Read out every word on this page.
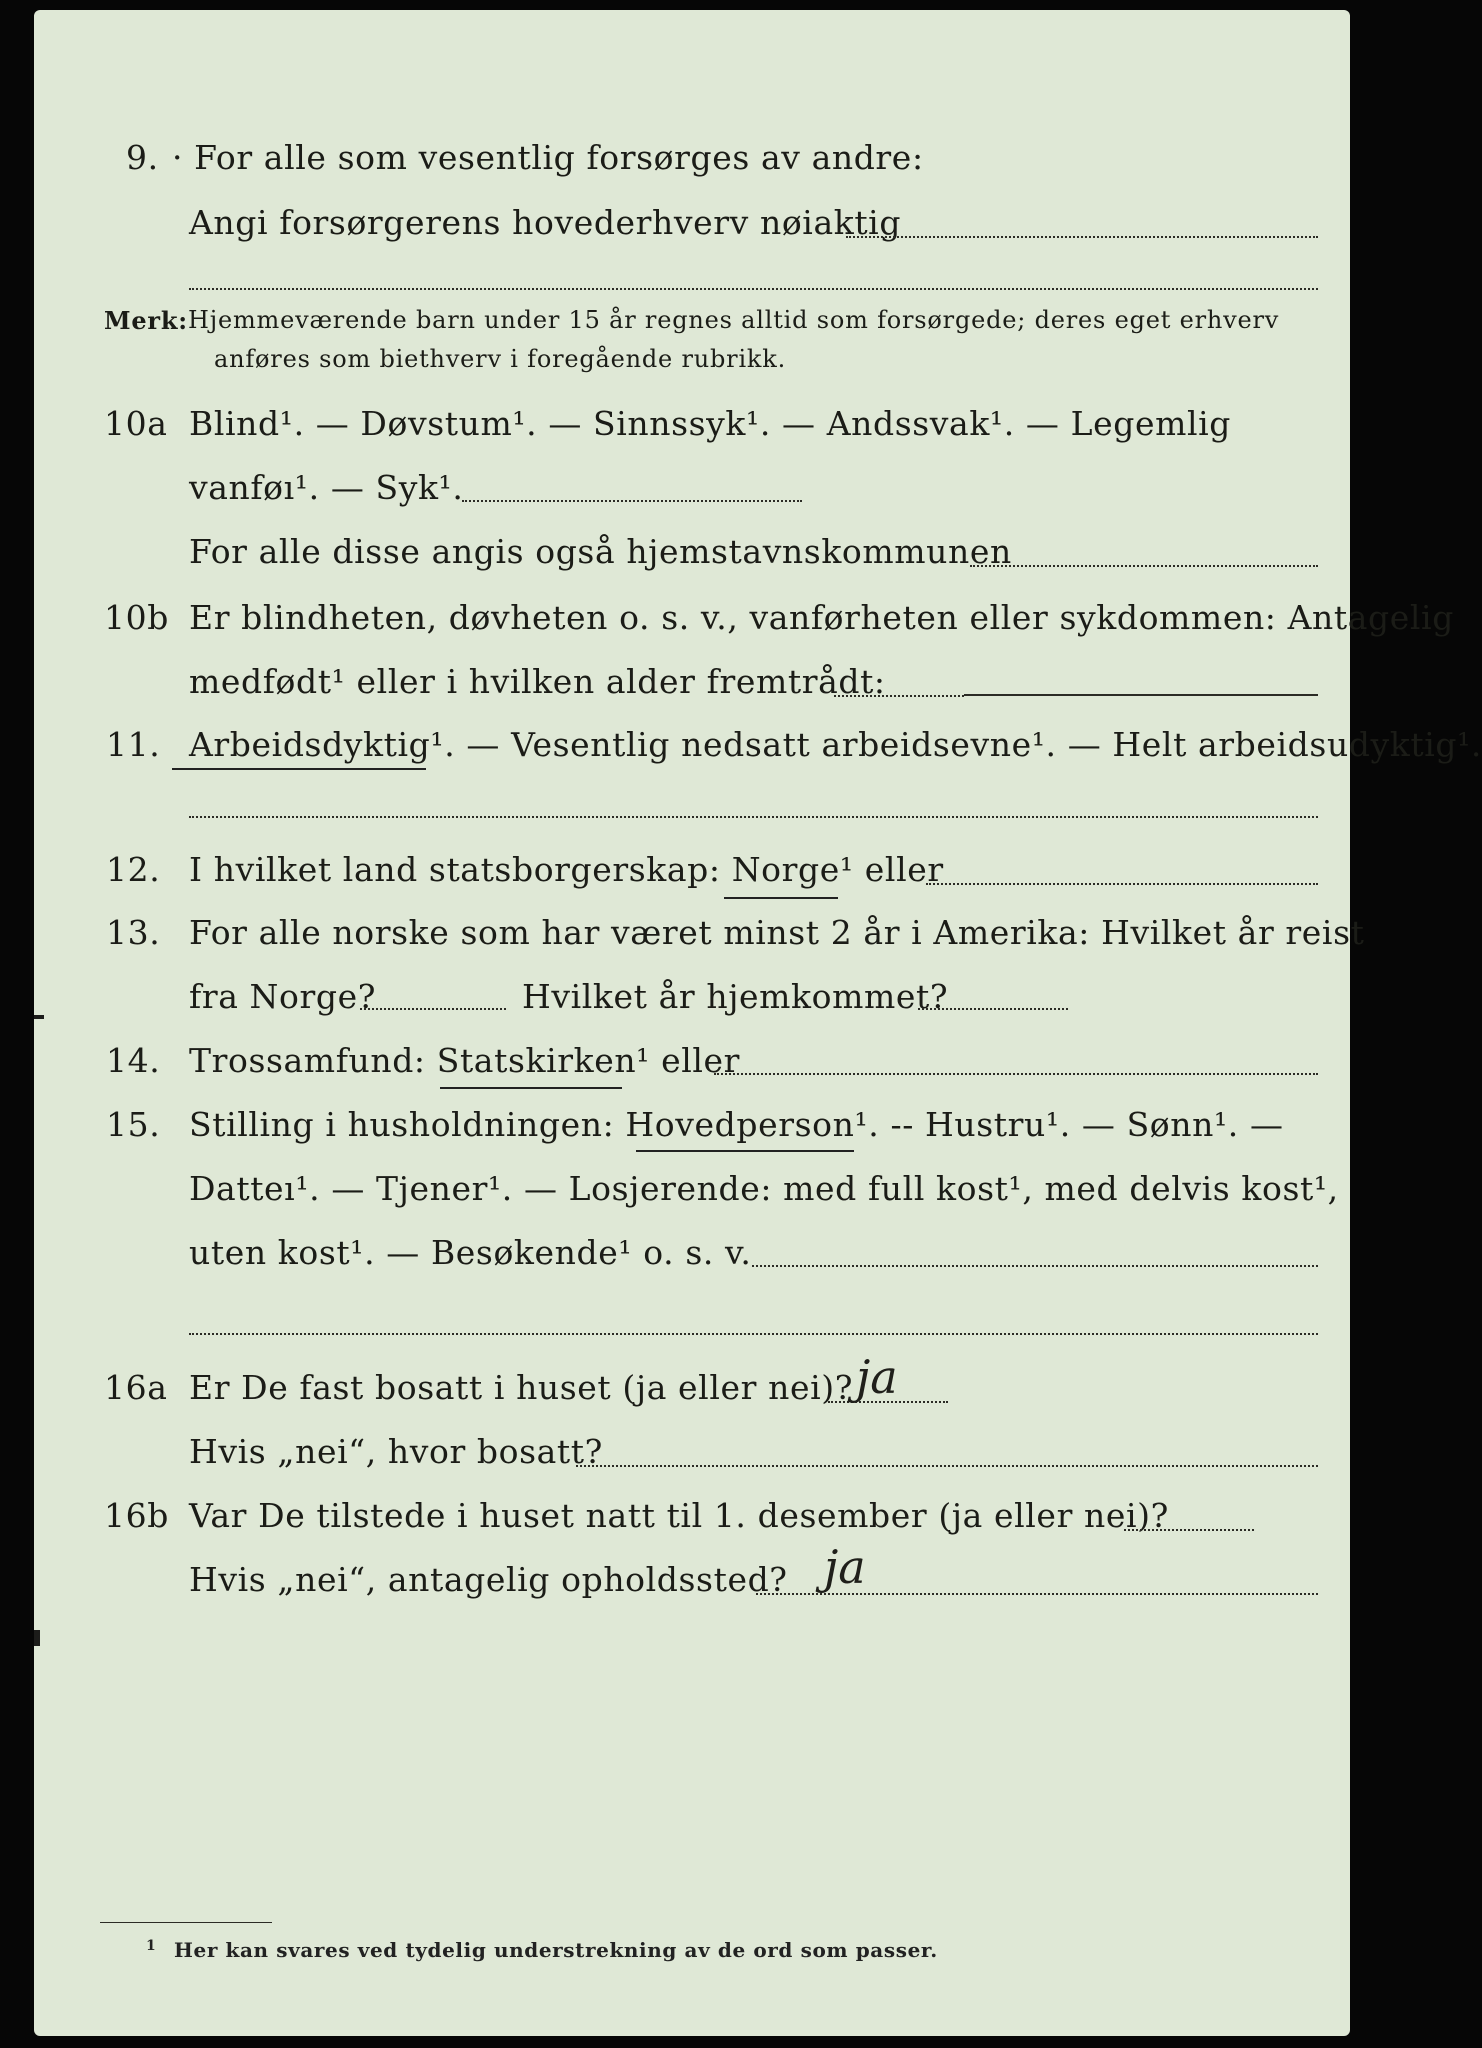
9. · For alle som vesentlig forsørges av andre:
Angi forsørgerens hovederhverv nøiaktig
Merk: Hjemmeværende barn under 15 år regnes alltid som forsørgede; deres eget erhverv
anføres som biethverv i foregående rubrikk.
10a Blind¹. — Døvstum¹. — Sinnssyk¹. — Andssvak¹. — Legemlig
vanføı¹. — Syk¹.
For alle disse angis også hjemstavnskommunen
10b Er blindheten, døvheten o. s. v., vanførheten eller sykdommen: Antagelig
medfødt¹ eller i hvilken alder fremtrådt:
11. Arbeidsdyktig¹. — Vesentlig nedsatt arbeidsevne¹. — Helt arbeidsudyktig¹.
12. I hvilket land statsborgerskap: Norge¹ eller
13. For alle norske som har været minst 2 år i Amerika: Hvilket år reist
fra Norge?	Hvilket år hjemkommet?
14. Trossamfund: Statskirken¹ eller
15. Stilling i husholdningen: Hovedperson¹. -- Hustru¹. — Sønn¹. —
Datteı¹. — Tjener¹. — Losjerende: med full kost¹, med delvis kost¹,
uten kost¹. — Besøkende¹ o. s. v.
16a Er De fast bosatt i huset (ja eller nei)? ja
Hvis „nei“, hvor bosatt?
16b Var De tilstede i huset natt til 1. desember (ja eller nei)?
Hvis „nei“, antagelig opholdssted? ja
1 Her kan svares ved tydelig understrekning av de ord som passer.
